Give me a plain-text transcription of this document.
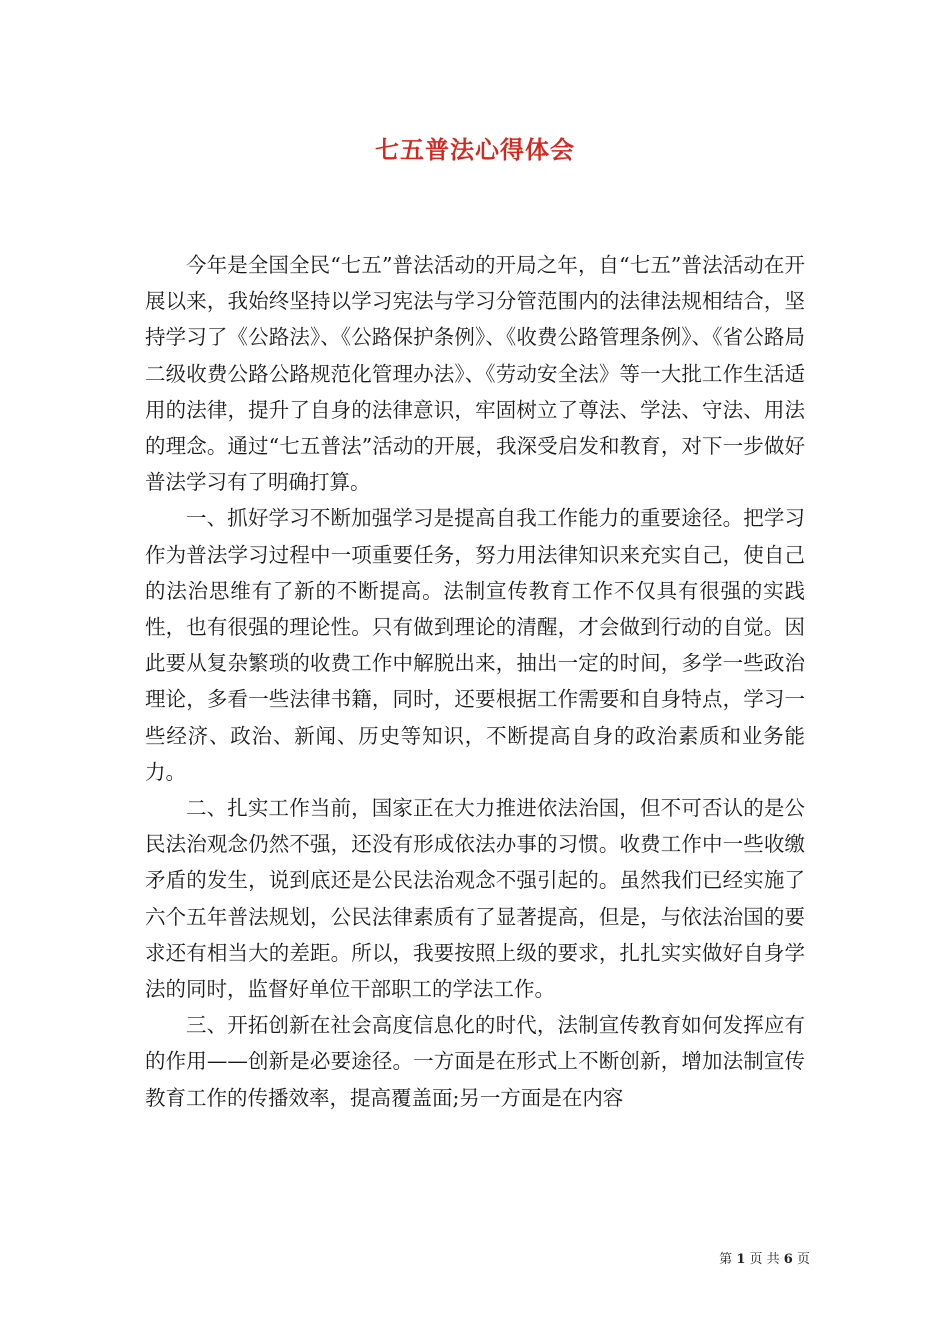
七五普法心得体会

今年是全国全民“七五”普法活动的开局之年，自“七五”普法活动在开展以来，我始终坚持以学习宪法与学习分管范围内的法律法规相结合，坚持学习了《公路法》、《公路保护条例》、《收费公路管理条例》、《省公路局二级收费公路公路规范化管理办法》、《劳动安全法》等一大批工作生活适用的法律，提升了自身的法律意识，牢固树立了尊法、学法、守法、用法的理念。通过“七五普法”活动的开展，我深受启发和教育，对下一步做好普法学习有了明确打算。

一、抓好学习不断加强学习是提高自我工作能力的重要途径。把学习作为普法学习过程中一项重要任务，努力用法律知识来充实自己，使自己的法治思维有了新的不断提高。法制宣传教育工作不仅具有很强的实践性，也有很强的理论性。只有做到理论的清醒，才会做到行动的自觉。因此要从复杂繁琐的收费工作中解脱出来，抽出一定的时间，多学一些政治理论，多看一些法律书籍，同时，还要根据工作需要和自身特点，学习一些经济、政治、新闻、历史等知识，不断提高自身的政治素质和业务能力。

二、扎实工作当前，国家正在大力推进依法治国，但不可否认的是公民法治观念仍然不强，还没有形成依法办事的习惯。收费工作中一些收缴矛盾的发生，说到底还是公民法治观念不强引起的。虽然我们已经实施了六个五年普法规划，公民法律素质有了显著提高，但是，与依法治国的要求还有相当大的差距。所以，我要按照上级的要求，扎扎实实做好自身学法的同时，监督好单位干部职工的学法工作。

三、开拓创新在社会高度信息化的时代，法制宣传教育如何发挥应有的作用——创新是必要途径。一方面是在形式上不断创新，增加法制宣传教育工作的传播效率，提高覆盖面;另一方面是在内容

第 1 页 共 6 页
